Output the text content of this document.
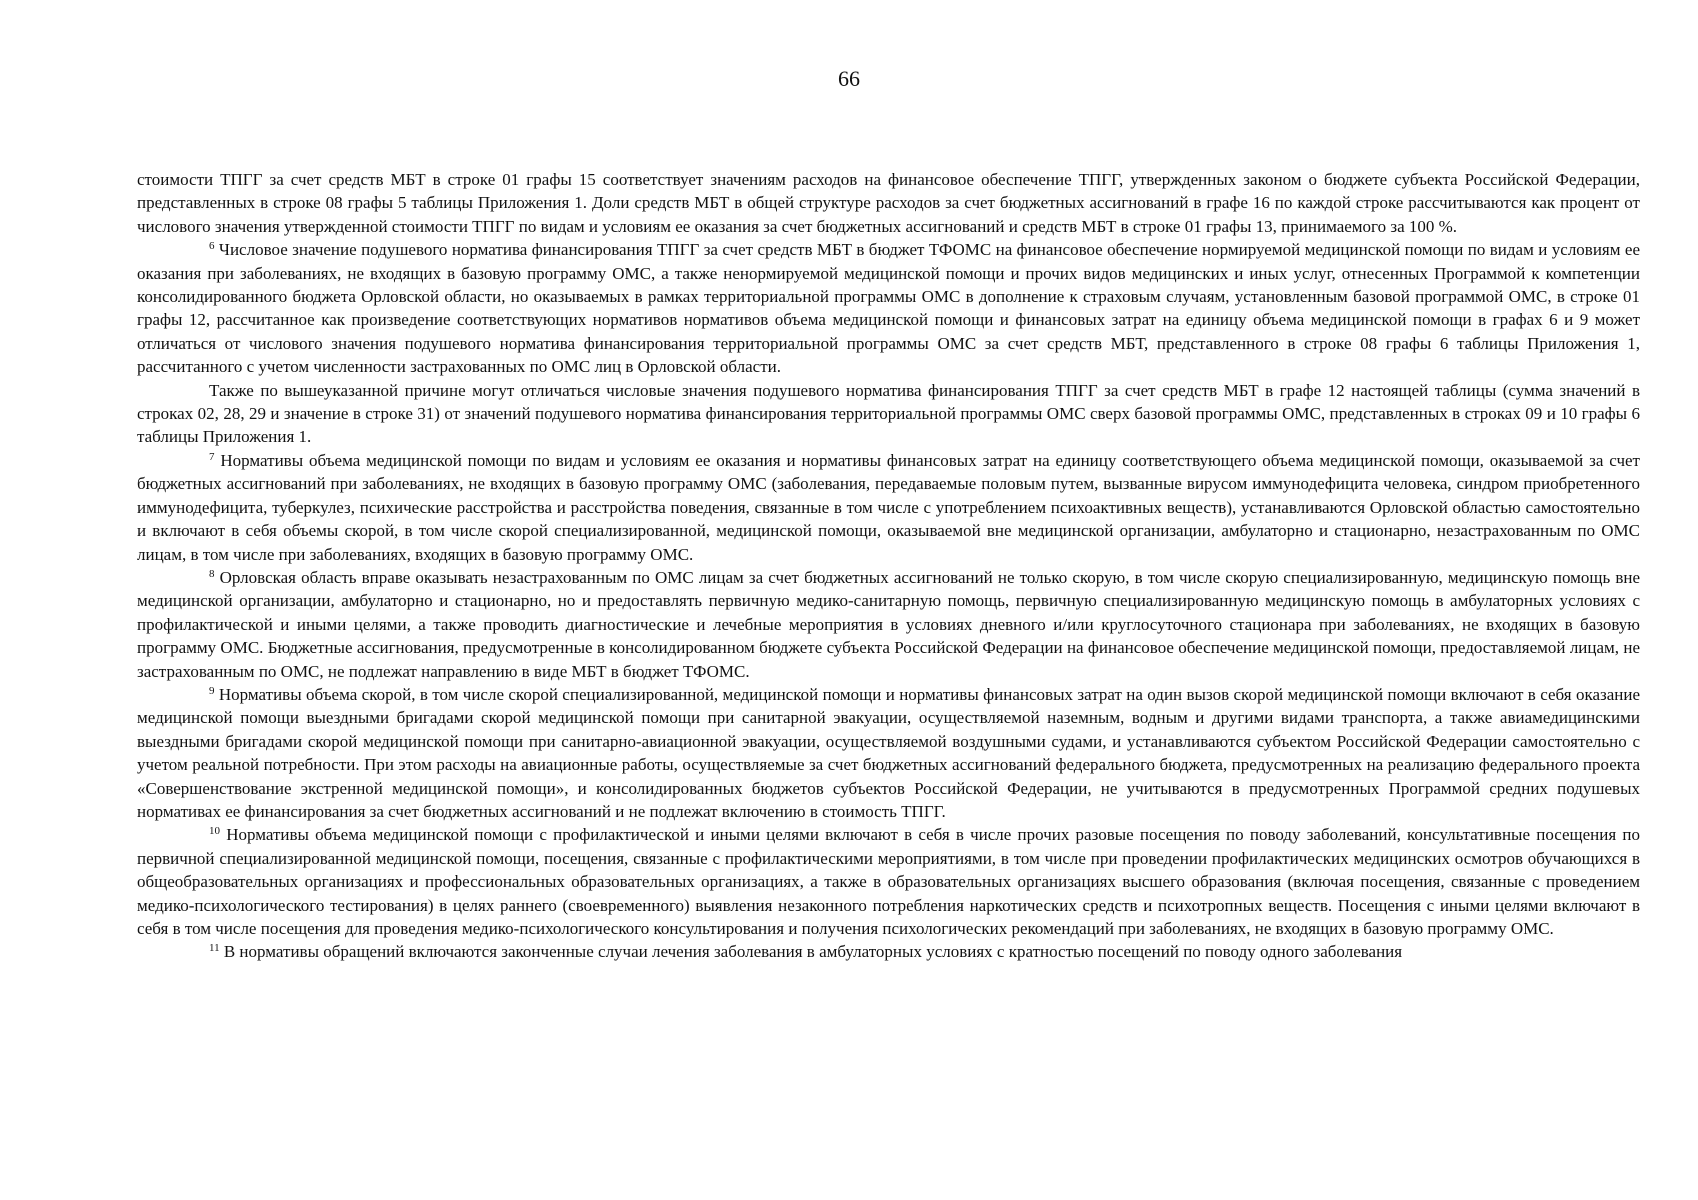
66

стоимости ТПГГ за счет средств МБТ в строке 01 графы 15 соответствует значениям расходов на финансовое обеспечение ТПГГ, утвержденных законом о бюджете субъекта Российской Федерации, представленных в строке 08 графы 5 таблицы Приложения 1. Доли средств МБТ в общей структуре расходов за счет бюджетных ассигнований в графе 16 по каждой строке рассчитываются как процент от числового значения утвержденной стоимости ТПГГ по видам и условиям ее оказания за счет бюджетных ассигнований и средств МБТ в строке 01 графы 13, принимаемого за 100 %.

$^6$ Числовое значение подушевого норматива финансирования ТПГГ за счет средств МБТ в бюджет ТФОМС на финансовое обеспечение нормируемой медицинской помощи по видам и условиям ее оказания при заболеваниях, не входящих в базовую программу ОМС, а также ненормируемой медицинской помощи и прочих видов медицинских и иных услуг, отнесенных Программой к компетенции консолидированного бюджета Орловской области, но оказываемых в рамках территориальной программы ОМС в дополнение к страховым случаям, установленным базовой программой ОМС, в строке 01 графы 12, рассчитанное как произведение соответствующих нормативов нормативов объема медицинской помощи и финансовых затрат на единицу объема медицинской помощи в графах 6 и 9 может отличаться от числового значения подушевого норматива финансирования территориальной программы ОМС за счет средств МБТ, представленного в строке 08 графы 6 таблицы Приложения 1, рассчитанного с учетом численности застрахованных по ОМС лиц в Орловской области.

Также по вышеуказанной причине могут отличаться числовые значения подушевого норматива финансирования ТПГГ за счет средств МБТ в графе 12 настоящей таблицы (сумма значений в строках 02, 28, 29 и значение в строке 31) от значений подушевого норматива финансирования территориальной программы ОМС сверх базовой программы ОМС, представленных в строках 09 и 10 графы 6 таблицы Приложения 1.

$^7$ Нормативы объема медицинской помощи по видам и условиям ее оказания и нормативы финансовых затрат на единицу соответствующего объема медицинской помощи, оказываемой за счет бюджетных ассигнований при заболеваниях, не входящих в базовую программу ОМС (заболевания, передаваемые половым путем, вызванные вирусом иммунодефицита человека, синдром приобретенного иммунодефицита, туберкулез, психические расстройства и расстройства поведения, связанные в том числе с употреблением психоактивных веществ), устанавливаются Орловской областью самостоятельно и включают в себя объемы скорой, в том числе скорой специализированной, медицинской помощи, оказываемой вне медицинской организации, амбулаторно и стационарно, незастрахованным по ОМС лицам, в том числе при заболеваниях, входящих в базовую программу ОМС.

$^8$ Орловская область вправе оказывать незастрахованным по ОМС лицам за счет бюджетных ассигнований не только скорую, в том числе скорую специализированную, медицинскую помощь вне медицинской организации, амбулаторно и стационарно, но и предоставлять первичную медико-санитарную помощь, первичную специализированную медицинскую помощь в амбулаторных условиях с профилактической и иными целями, а также проводить диагностические и лечебные мероприятия в условиях дневного и/или круглосуточного стационара при заболеваниях, не входящих в базовую программу ОМС. Бюджетные ассигнования, предусмотренные в консолидированном бюджете субъекта Российской Федерации на финансовое обеспечение медицинской помощи, предоставляемой лицам, не застрахованным по ОМС, не подлежат направлению в виде МБТ в бюджет ТФОМС.

$^9$ Нормативы объема скорой, в том числе скорой специализированной, медицинской помощи и нормативы финансовых затрат на один вызов скорой медицинской помощи включают в себя оказание медицинской помощи выездными бригадами скорой медицинской помощи при санитарной эвакуации, осуществляемой наземным, водным и другими видами транспорта, а также авиамедицинскими выездными бригадами скорой медицинской помощи при санитарно-авиационной эвакуации, осуществляемой воздушными судами, и устанавливаются субъектом Российской Федерации самостоятельно с учетом реальной потребности. При этом расходы на авиационные работы, осуществляемые за счет бюджетных ассигнований федерального бюджета, предусмотренных на реализацию федерального проекта «Совершенствование экстренной медицинской помощи», и консолидированных бюджетов субъектов Российской Федерации, не учитываются в предусмотренных Программой средних подушевых нормативах ее финансирования за счет бюджетных ассигнований и не подлежат включению в стоимость ТПГГ.

$^{10}$ Нормативы объема медицинской помощи с профилактической и иными целями включают в себя в числе прочих разовые посещения по поводу заболеваний, консультативные посещения по первичной специализированной медицинской помощи, посещения, связанные с профилактическими мероприятиями, в том числе при проведении профилактических медицинских осмотров обучающихся в общеобразовательных организациях и профессиональных образовательных организациях, а также в образовательных организациях высшего образования (включая посещения, связанные с проведением медико-психологического тестирования) в целях раннего (своевременного) выявления незаконного потребления наркотических средств и психотропных веществ. Посещения с иными целями включают в себя в том числе посещения для проведения медико-психологического консультирования и получения психологических рекомендаций при заболеваниях, не входящих в базовую программу ОМС.

$^{11}$ В нормативы обращений включаются законченные случаи лечения заболевания в амбулаторных условиях с кратностью посещений по поводу одного заболевания
